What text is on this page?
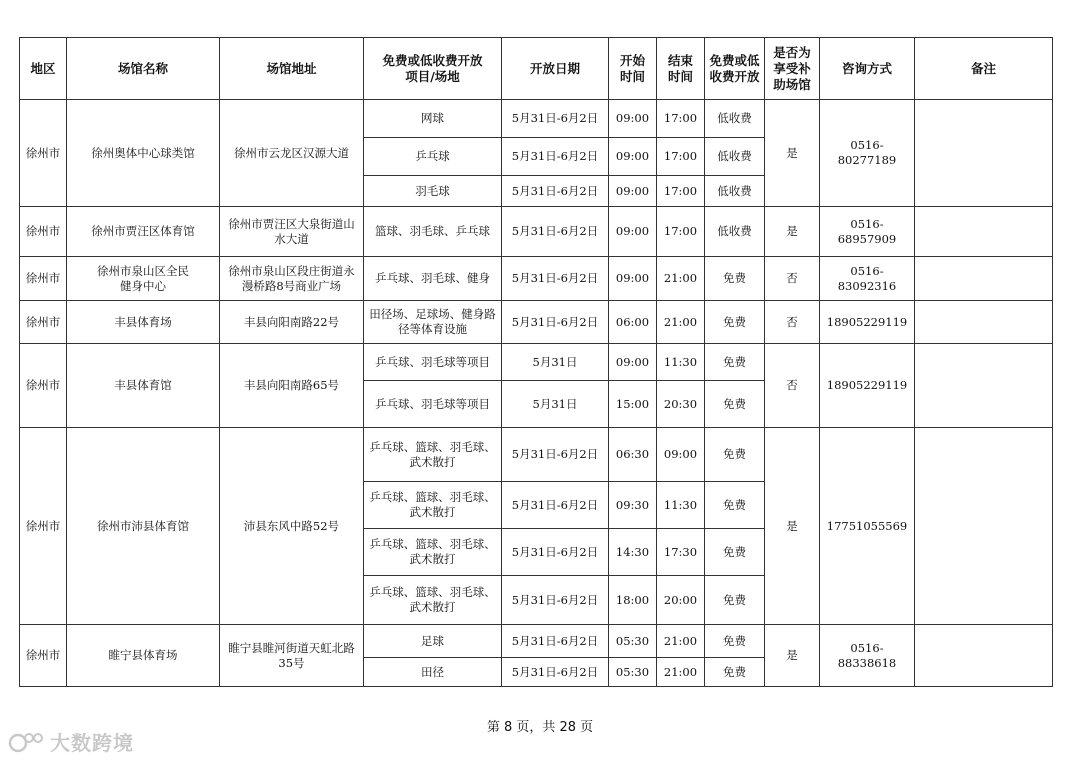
地区	场馆名称	场馆地址	免费或低收费开放项目/场地	开放日期	开始时间	结束时间	免费或低收费开放	是否为享受补助场馆	咨询方式	备注
徐州市	徐州奥体中心球类馆	徐州市云龙区汉源大道	网球	5月31日-6月2日	09:00	17:00	低收费	是	0516-80277189	
			乒乓球	5月31日-6月2日	09:00	17:00	低收费			
			羽毛球	5月31日-6月2日	09:00	17:00	低收费			
徐州市	徐州市贾汪区体育馆	徐州市贾汪区大泉街道山水大道	篮球、羽毛球、乒乓球	5月31日-6月2日	09:00	17:00	低收费	是	0516-68957909	
徐州市	徐州市泉山区全民健身中心	徐州市泉山区段庄街道永漫桥路8号商业广场	乒乓球、羽毛球、健身	5月31日-6月2日	09:00	21:00	免费	否	0516-83092316	
徐州市	丰县体育场	丰县向阳南路22号	田径场、足球场、健身路径等体育设施	5月31日-6月2日	06:00	21:00	免费	否	18905229119	
徐州市	丰县体育馆	丰县向阳南路65号	乒乓球、羽毛球等项目	5月31日	09:00	11:30	免费	否	18905229119	
			乒乓球、羽毛球等项目	5月31日	15:00	20:30	免费			
徐州市	徐州市沛县体育馆	沛县东风中路52号	乒乓球、篮球、羽毛球、武术散打	5月31日-6月2日	06:30	09:00	免费	是	17751055569	
			乒乓球、篮球、羽毛球、武术散打	5月31日-6月2日	09:30	11:30	免费			
			乒乓球、篮球、羽毛球、武术散打	5月31日-6月2日	14:30	17:30	免费			
			乒乓球、篮球、羽毛球、武术散打	5月31日-6月2日	18:00	20:00	免费			
徐州市	睢宁县体育场	睢宁县睢河街道天虹北路35号	足球	5月31日-6月2日	05:30	21:00	免费	是	0516-88338618	
			田径	5月31日-6月2日	05:30	21:00	免费			
第 8 页，共 28 页
大数跨境
